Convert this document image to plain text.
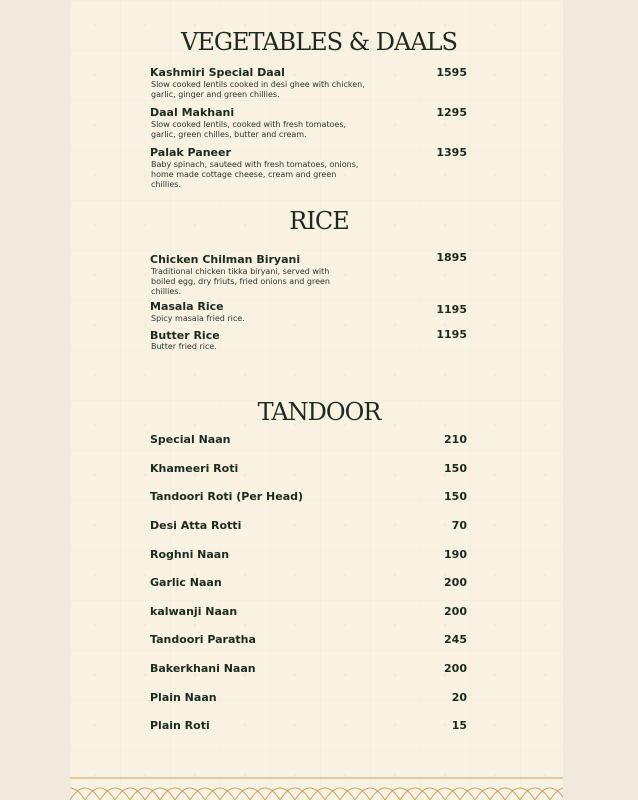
VEGETABLES & DAALS
Kashmiri Special Daal	1595

Slow cooked lentils cooked in desi ghee with chicken, garlic, ginger and green chillies.

Daal Makhani	1295

Slow cooked lentils, cooked with fresh tomatoes, garlic, green chilles, butter and cream.

Palak Paneer	1395

Baby spinach, sauteed with fresh tomatoes, onions, home made cottage cheese, cream and green chillies.

RICE
Chicken Chilman Biryani	1895

Traditional chicken tikka biryani, served with boiled egg, dry friuts, fried onions and green chillies.

Masala Rice	1195

Spicy masala fried rice.

Butter Rice	1195

Butter fried rice.

TANDOOR
Special Naan	210
Khameeri Roti	150
Tandoori Roti (Per Head)	150
Desi Atta Rotti	70
Roghni Naan	190
Garlic Naan	200
kalwanji Naan	200
Tandoori Paratha	245
Bakerkhani Naan	200
Plain Naan	20
Plain Roti	15
